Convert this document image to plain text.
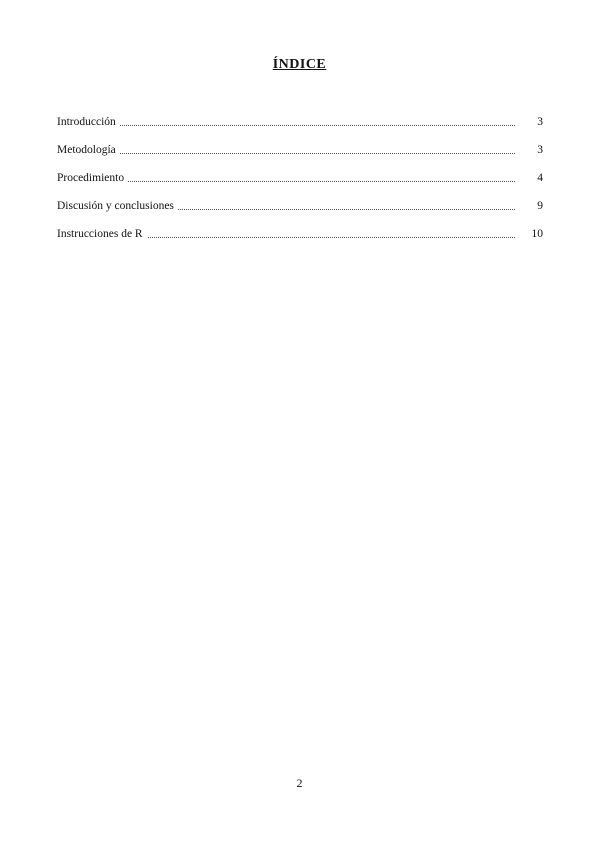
ÍNDICE
Introducción	3
Metodología	3
Procedimiento	4
Discusión y conclusiones	9
Instrucciones de R	10
2
